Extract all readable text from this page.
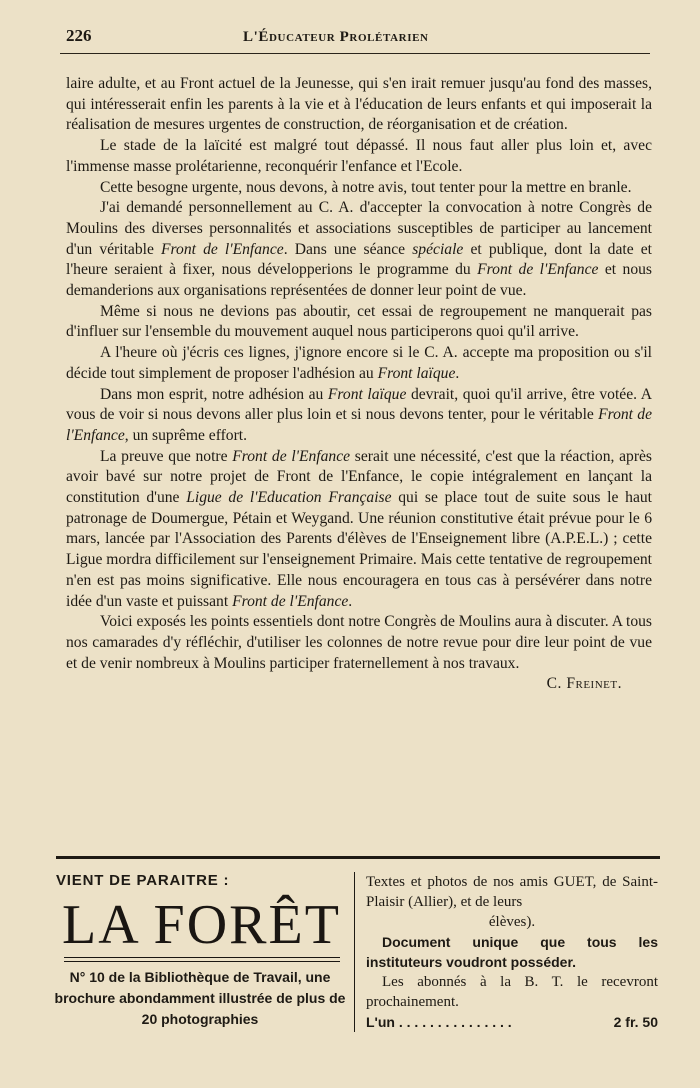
226	L'Éducateur Prolétarien

laire adulte, et au Front actuel de la Jeunesse, qui s'en irait remuer jusqu'au fond des masses, qui intéresserait enfin les parents à la vie et à l'éducation de leurs enfants et qui imposerait la réalisation de mesures urgentes de construction, de réorganisation et de création.

Le stade de la laïcité est malgré tout dépassé. Il nous faut aller plus loin et, avec l'immense masse prolétarienne, reconquérir l'enfance et l'Ecole.

Cette besogne urgente, nous devons, à notre avis, tout tenter pour la mettre en branle.

J'ai demandé personnellement au C. A. d'accepter la convocation à notre Congrès de Moulins des diverses personnalités et associations susceptibles de participer au lancement d'un véritable Front de l'Enfance. Dans une séance spéciale et publique, dont la date et l'heure seraient à fixer, nous développerions le programme du Front de l'Enfance et nous demanderions aux organisations représentées de donner leur point de vue.

Même si nous ne devions pas aboutir, cet essai de regroupement ne manquerait pas d'influer sur l'ensemble du mouvement auquel nous participerons quoi qu'il arrive.

A l'heure où j'écris ces lignes, j'ignore encore si le C. A. accepte ma proposition ou s'il décide tout simplement de proposer l'adhésion au Front laïque.

Dans mon esprit, notre adhésion au Front laïque devrait, quoi qu'il arrive, être votée. A vous de voir si nous devons aller plus loin et si nous devons tenter, pour le véritable Front de l'Enfance, un suprême effort.

La preuve que notre Front de l'Enfance serait une nécessité, c'est que la réaction, après avoir bavé sur notre projet de Front de l'Enfance, le copie intégralement en lançant la constitution d'une Ligue de l'Education Française qui se place tout de suite sous le haut patronage de Doumergue, Pétain et Weygand. Une réunion constitutive était prévue pour le 6 mars, lancée par l'Association des Parents d'élèves de l'Enseignement libre (A.P.E.L.) ; cette Ligue mordra difficilement sur l'enseignement Primaire. Mais cette tentative de regroupement n'en est pas moins significative. Elle nous encouragera en tous cas à persévérer dans notre idée d'un vaste et puissant Front de l'Enfance.

Voici exposés les points essentiels dont notre Congrès de Moulins aura à discuter. A tous nos camarades d'y réfléchir, d'utiliser les colonnes de notre revue pour dire leur point de vue et de venir nombreux à Moulins participer fraternellement à nos travaux.

C. Freinet.
VIENT DE PARAITRE :
LA FORÊT
N° 10 de la Bibliothèque de Travail, une brochure abondamment illustrée de plus de 20 photographies

Textes et photos de nos amis GUET, de Saint-Plaisir (Allier), et de leurs

élèves).

Document unique que tous les instituteurs voudront posséder.

Les abonnés à la B. T. le recevront prochainement.

L'un . . . . . . . . . . . . . . .	2 fr. 50
